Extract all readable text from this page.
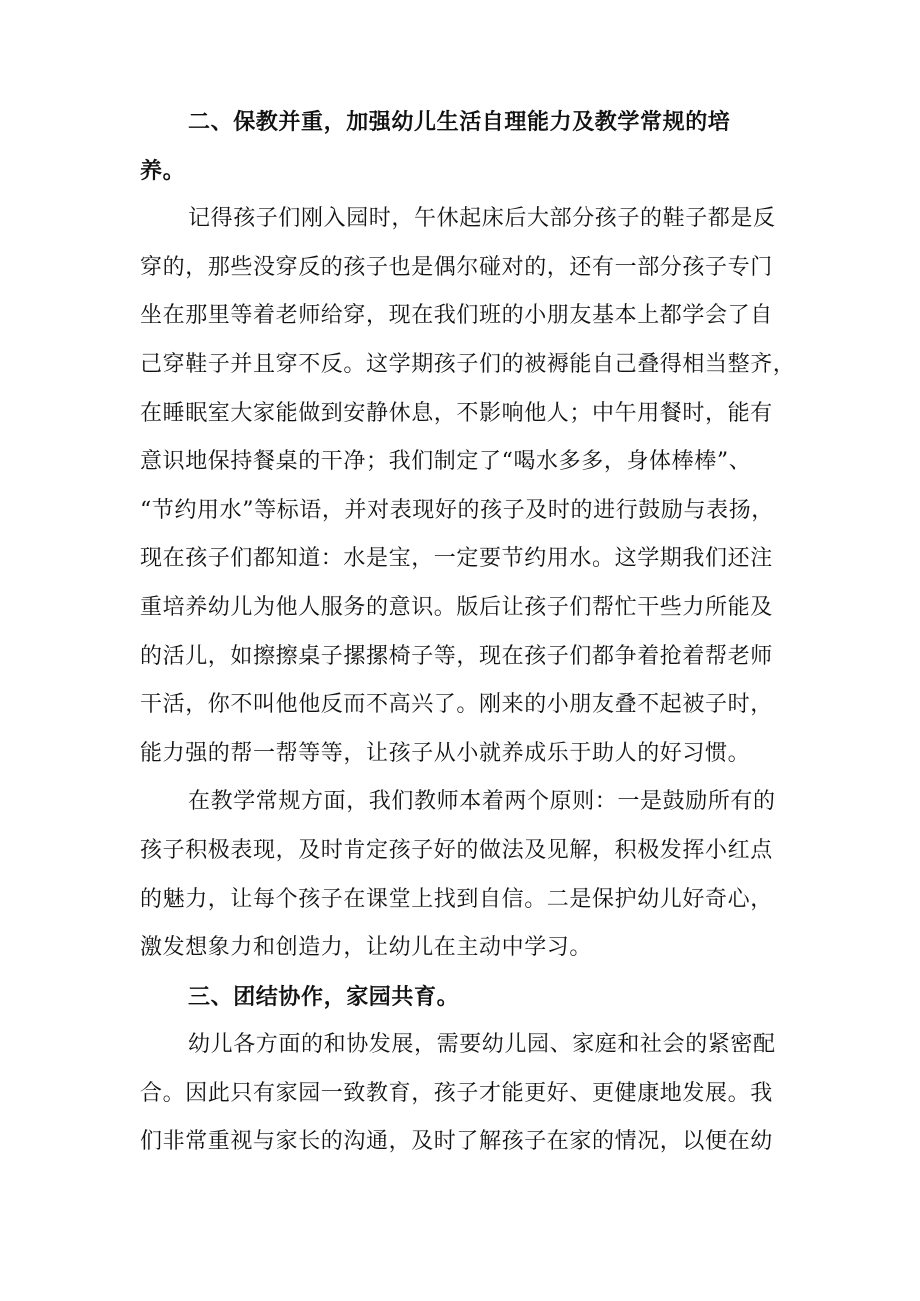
二、保教并重，加强幼儿生活自理能力及教学常规的培
养。
记得孩子们刚入园时，午休起床后大部分孩子的鞋子都是反
穿的，那些没穿反的孩子也是偶尔碰对的，还有一部分孩子专门
坐在那里等着老师给穿，现在我们班的小朋友基本上都学会了自
己穿鞋子并且穿不反。这学期孩子们的被褥能自己叠得相当整齐，
在睡眠室大家能做到安静休息，不影响他人；中午用餐时，能有
意识地保持餐桌的干净；我们制定了“喝水多多，身体棒棒”、
“节约用水”等标语，并对表现好的孩子及时的进行鼓励与表扬，
现在孩子们都知道：水是宝，一定要节约用水。这学期我们还注
重培养幼儿为他人服务的意识。版后让孩子们帮忙干些力所能及
的活儿，如擦擦桌子摞摞椅子等，现在孩子们都争着抢着帮老师
干活，你不叫他他反而不高兴了。刚来的小朋友叠不起被子时，
能力强的帮一帮等等，让孩子从小就养成乐于助人的好习惯。
在教学常规方面，我们教师本着两个原则：一是鼓励所有的
孩子积极表现，及时肯定孩子好的做法及见解，积极发挥小红点
的魅力，让每个孩子在课堂上找到自信。二是保护幼儿好奇心，
激发想象力和创造力，让幼儿在主动中学习。
三、团结协作，家园共育。
幼儿各方面的和协发展，需要幼儿园、家庭和社会的紧密配
合。因此只有家园一致教育，孩子才能更好、更健康地发展。我
们非常重视与家长的沟通，及时了解孩子在家的情况，以便在幼
